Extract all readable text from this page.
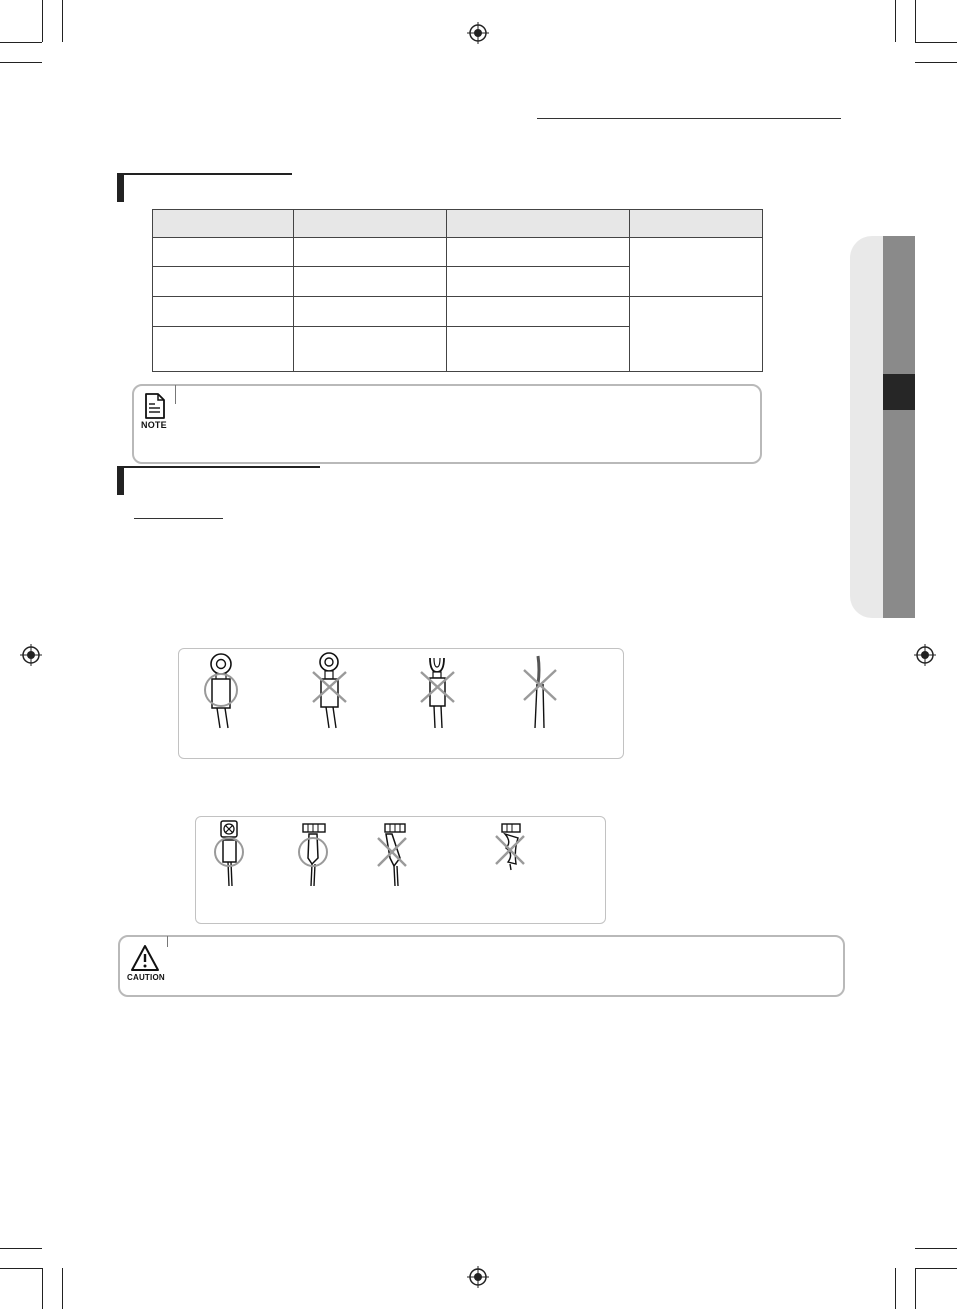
NOTE
CAUTION
